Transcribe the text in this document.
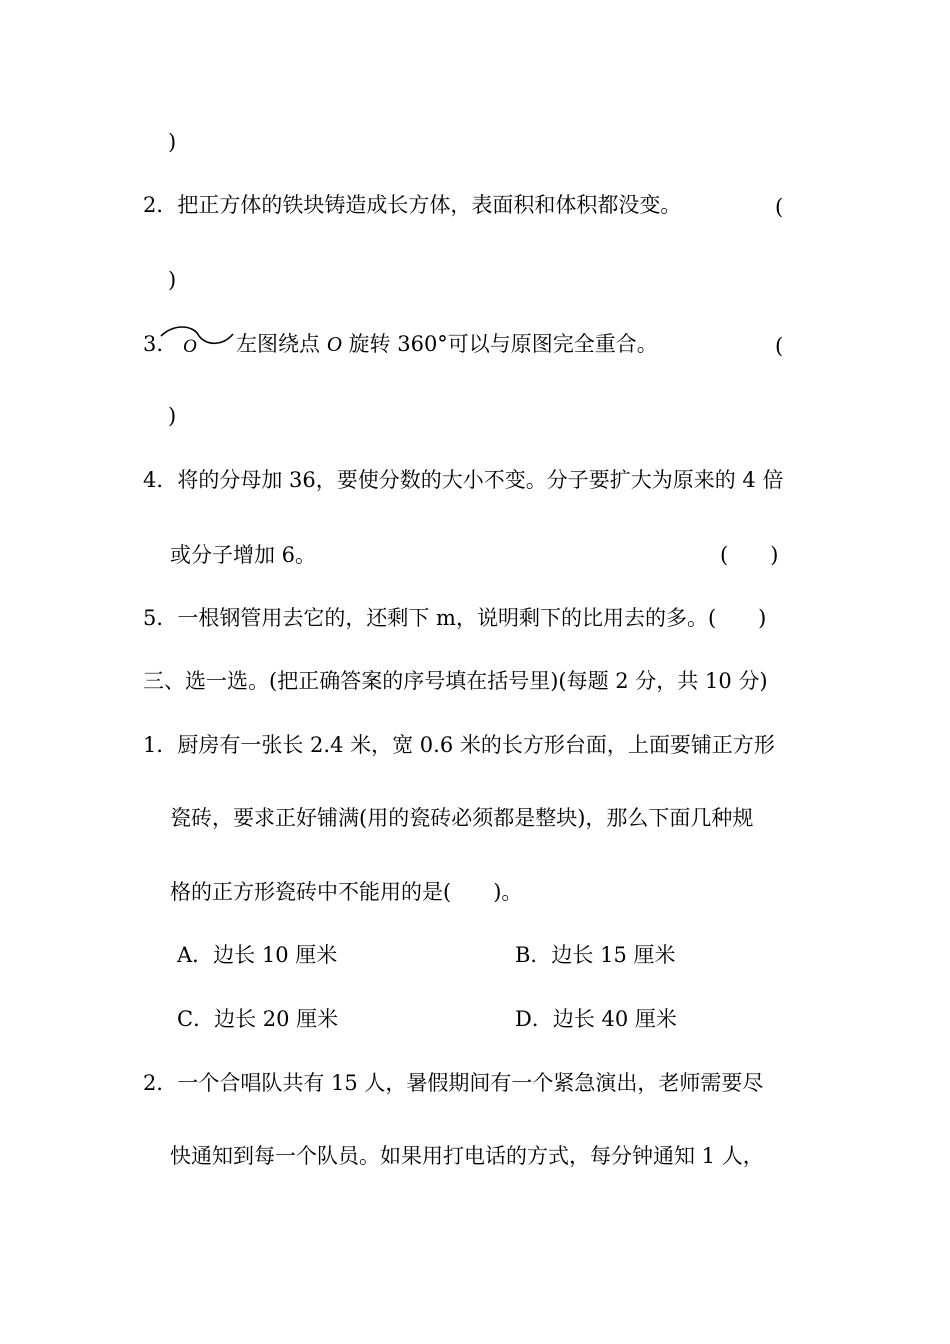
)
2．把正方体的铁块铸造成长方体，表面积和体积都没变。	(
)
3. O 左图绕点 O 旋转 360°可以与原图完全重合。	(
)
4．将的分母加 36，要使分数的大小不变。分子要扩大为原来的 4 倍
或分子增加 6。	(　　)
5．一根钢管用去它的，还剩下 m，说明剩下的比用去的多。(　　)
三、选一选。(把正确答案的序号填在括号里)(每题 2 分，共 10 分)
1．厨房有一张长 2.4 米，宽 0.6 米的长方形台面，上面要铺正方形
瓷砖，要求正好铺满(用的瓷砖必须都是整块)，那么下面几种规
格的正方形瓷砖中不能用的是(　　)。
A．边长 10 厘米	B．边长 15 厘米
C．边长 20 厘米	D．边长 40 厘米
2．一个合唱队共有 15 人，暑假期间有一个紧急演出，老师需要尽
快通知到每一个队员。如果用打电话的方式，每分钟通知 1 人，
